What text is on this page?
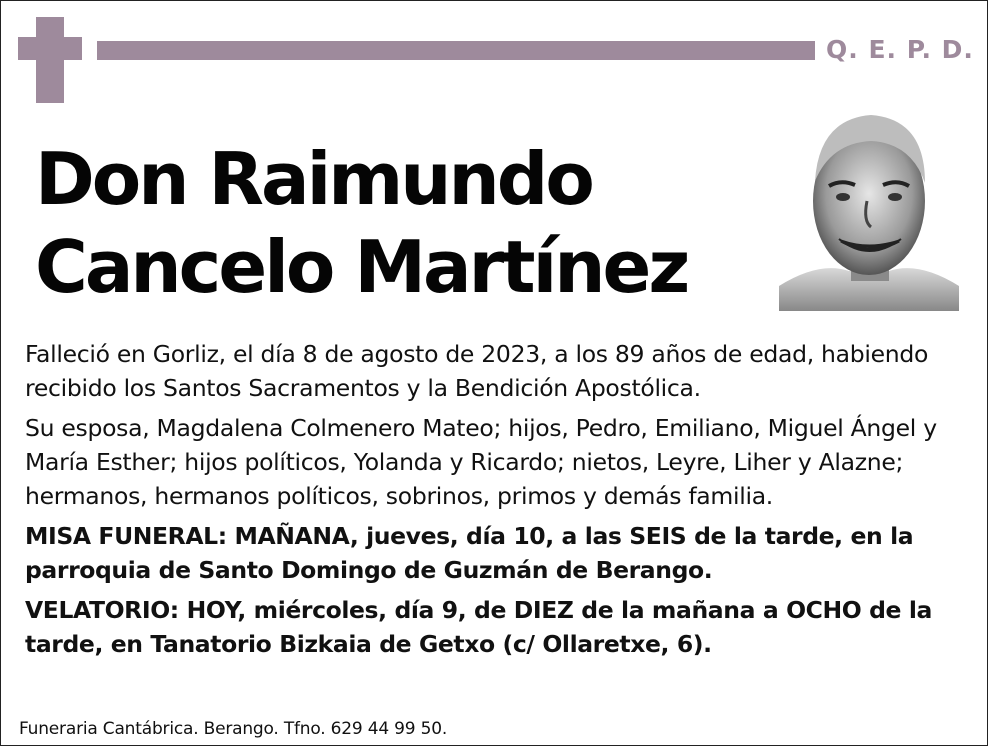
Q. E. P. D.
Don Raimundo
Cancelo Martínez

Falleció en Gorliz, el día 8 de agosto de 2023, a los 89 años de edad, habiendo recibido los Santos Sacramentos y la Bendición Apostólica.

Su esposa, Magdalena Colmenero Mateo; hijos, Pedro, Emiliano, Miguel Ángel y María Esther; hijos políticos, Yolanda y Ricardo; nietos, Leyre, Liher y Alazne; hermanos, hermanos políticos, sobrinos, primos y demás familia.

MISA FUNERAL: MAÑANA, jueves, día 10, a las SEIS de la tarde, en la parroquia de Santo Domingo de Guzmán de Berango.

VELATORIO: HOY, miércoles, día 9, de DIEZ de la mañana a OCHO de la tarde, en Tanatorio Bizkaia de Getxo (c/ Ollaretxe, 6).

Funeraria Cantábrica. Berango. Tfno. 629 44 99 50.
